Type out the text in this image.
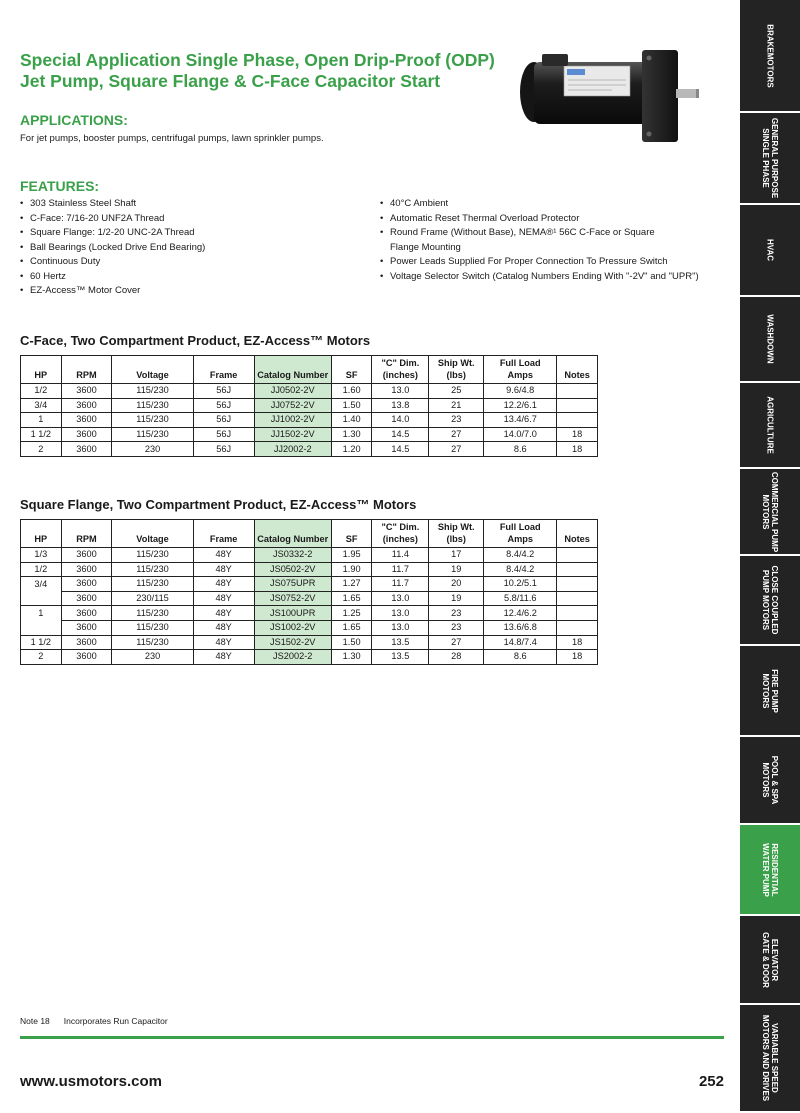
Special Application Single Phase, Open Drip-Proof (ODP)
Jet Pump, Square Flange & C-Face Capacitor Start
APPLICATIONS:
For jet pumps, booster pumps, centrifugal pumps, lawn sprinkler pumps.
FEATURES:
• 303 Stainless Steel Shaft
• C-Face: 7/16-20 UNF2A Thread
• Square Flange: 1/2-20 UNC-2A Thread
• Ball Bearings (Locked Drive End Bearing)
• Continuous Duty
• 60 Hertz
• EZ-Access™ Motor Cover
• 40°C Ambient
• Automatic Reset Thermal Overload Protector
• Round Frame (Without Base), NEMA®¹ 56C C-Face or Square
Flange Mounting
• Power Leads Supplied For Proper Connection To Pressure Switch
• Voltage Selector Switch (Catalog Numbers Ending With "-2V" and "UPR")
C-Face, Two Compartment Product, EZ-Access™ Motors
HP	RPM	Voltage	Frame	Catalog Number	SF	"C" Dim. (inches)	Ship Wt. (lbs)	Full Load Amps	Notes
1/2	3600	115/230	56J	JJ0502-2V	1.60	13.0	25	9.6/4.8	
3/4	3600	115/230	56J	JJ0752-2V	1.50	13.8	21	12.2/6.1	
1	3600	115/230	56J	JJ1002-2V	1.40	14.0	23	13.4/6.7	
1 1/2	3600	115/230	56J	JJ1502-2V	1.30	14.5	27	14.0/7.0	18
2	3600	230	56J	JJ2002-2	1.20	14.5	27	8.6	18
Square Flange, Two Compartment Product, EZ-Access™ Motors
HP	RPM	Voltage	Frame	Catalog Number	SF	"C" Dim. (inches)	Ship Wt. (lbs)	Full Load Amps	Notes
1/3	3600	115/230	48Y	JS0332-2	1.95	11.4	17	8.4/4.2	
1/2	3600	115/230	48Y	JS0502-2V	1.90	11.7	19	8.4/4.2	
3/4	3600	115/230	48Y	JS075UPR	1.27	11.7	20	10.2/5.1	
	3600	230/115	48Y	JS0752-2V	1.65	13.0	19	5.8/11.6	
1	3600	115/230	48Y	JS100UPR	1.25	13.0	23	12.4/6.2	
	3600	115/230	48Y	JS1002-2V	1.65	13.0	23	13.6/6.8	
1 1/2	3600	115/230	48Y	JS1502-2V	1.50	13.5	27	14.8/7.4	18
2	3600	230	48Y	JS2002-2	1.30	13.5	28	8.6	18
Note 18 Incorporates Run Capacitor
www.usmotors.com	252
BRAKEMOTORS
GENERAL PURPOSE
SINGLE PHASE
HVAC
WASHDOWN
AGRICULTURE
COMMERCIAL PUMP
MOTORS
CLOSE COUPLED
PUMP MOTORS
FIRE PUMP
MOTORS
POOL & SPA
MOTORS
RESIDENTIAL
WATER PUMP
ELEVATOR
GATE & DOOR
VARIABLE SPEED
MOTORS AND DRIVES
